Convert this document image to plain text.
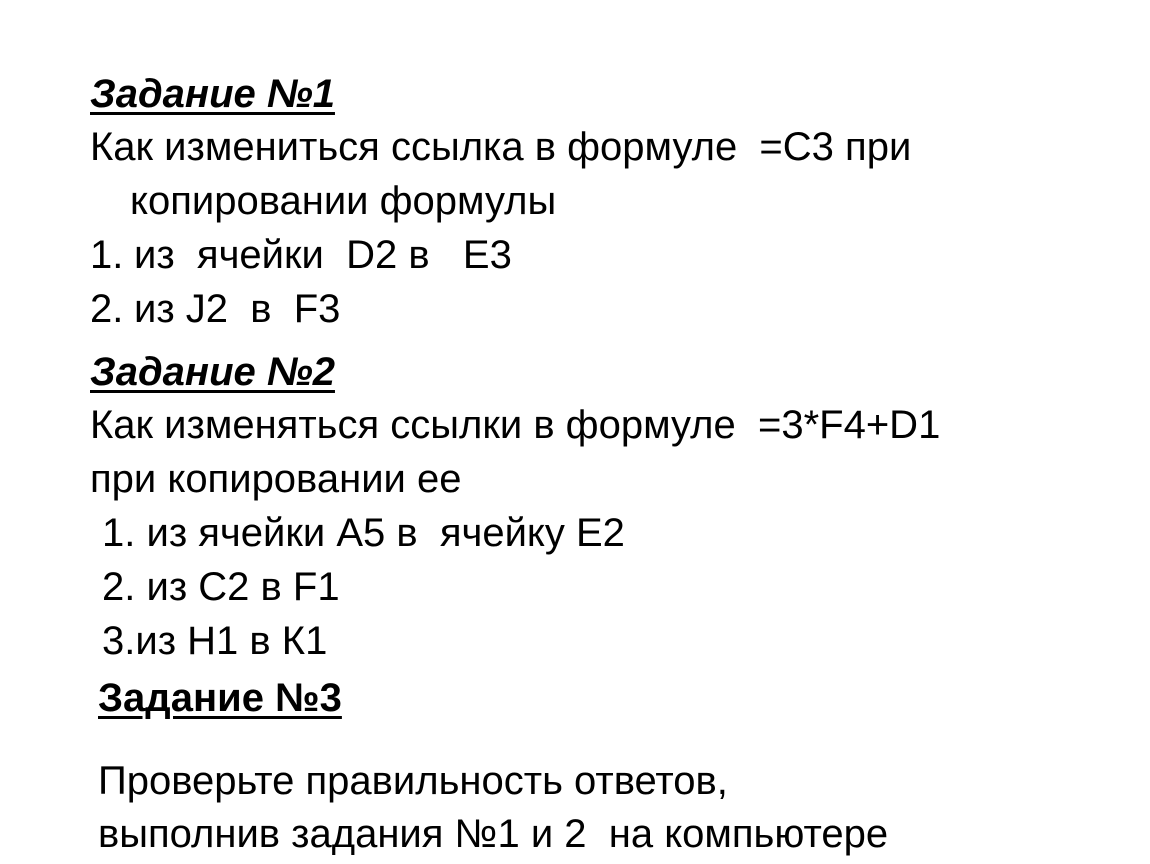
Задание №1
Как измениться ссылка в формуле  =С3 при
копировании формулы
1. из  ячейки  D2 в   E3
2. из J2  в  F3
Задание №2
Как изменяться ссылки в формуле  =3*F4+D1
при копировании ее
1. из ячейки А5 в  ячейку Е2
2. из С2 в F1
3.из Н1 в К1
Задание №3
Проверьте правильность ответов,
выполнив задания №1 и 2  на компьютере
